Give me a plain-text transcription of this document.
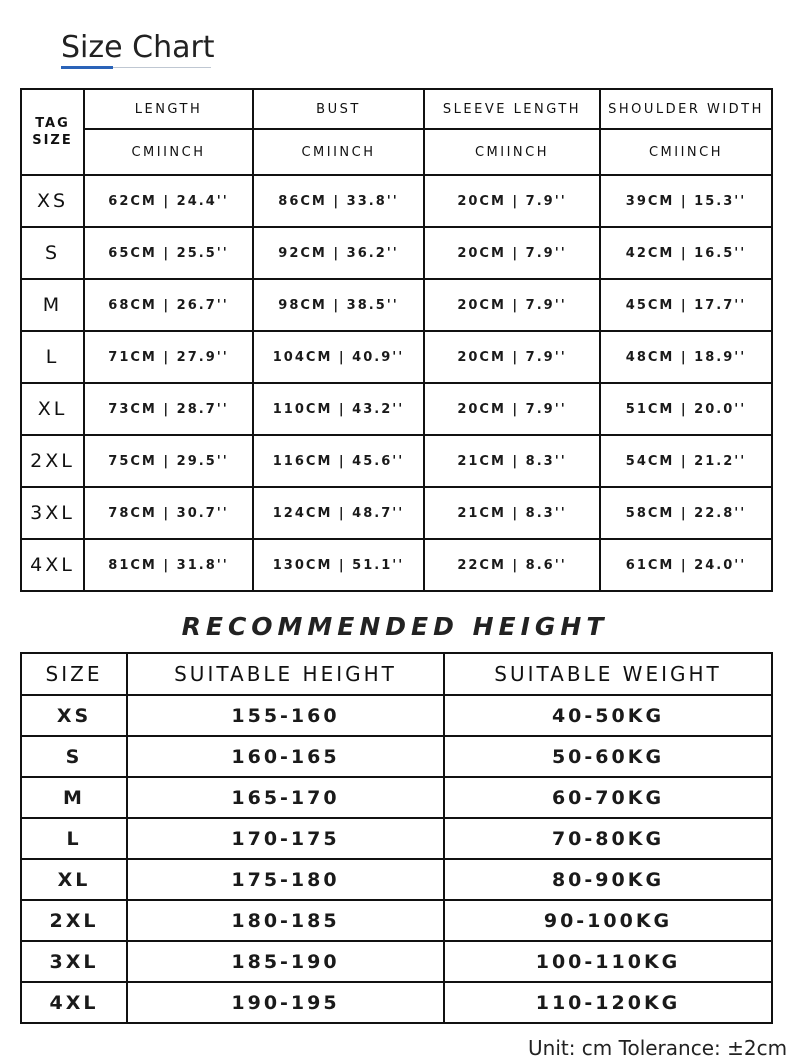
Size Chart
TAG
SIZE	LENGTH	BUST	SLEEVE LENGTH	SHOULDER WIDTH
	CMIINCH	CMIINCH	CMIINCH	CMIINCH
XS	62CM | 24.4''	86CM | 33.8''	20CM | 7.9''	39CM | 15.3''
S	65CM | 25.5''	92CM | 36.2''	20CM | 7.9''	42CM | 16.5''
M	68CM | 26.7''	98CM | 38.5''	20CM | 7.9''	45CM | 17.7''
L	71CM | 27.9''	104CM | 40.9''	20CM | 7.9''	48CM | 18.9''
XL	73CM | 28.7''	110CM | 43.2''	20CM | 7.9''	51CM | 20.0''
2XL	75CM | 29.5''	116CM | 45.6''	21CM | 8.3''	54CM | 21.2''
3XL	78CM | 30.7''	124CM | 48.7''	21CM | 8.3''	58CM | 22.8''
4XL	81CM | 31.8''	130CM | 51.1''	22CM | 8.6''	61CM | 24.0''
RECOMMENDED HEIGHT
SIZE	SUITABLE HEIGHT	SUITABLE WEIGHT
XS	155-160	40-50KG
S	160-165	50-60KG
M	165-170	60-70KG
L	170-175	70-80KG
XL	175-180	80-90KG
2XL	180-185	90-100KG
3XL	185-190	100-110KG
4XL	190-195	110-120KG
Unit: cm Tolerance: ±2cm
